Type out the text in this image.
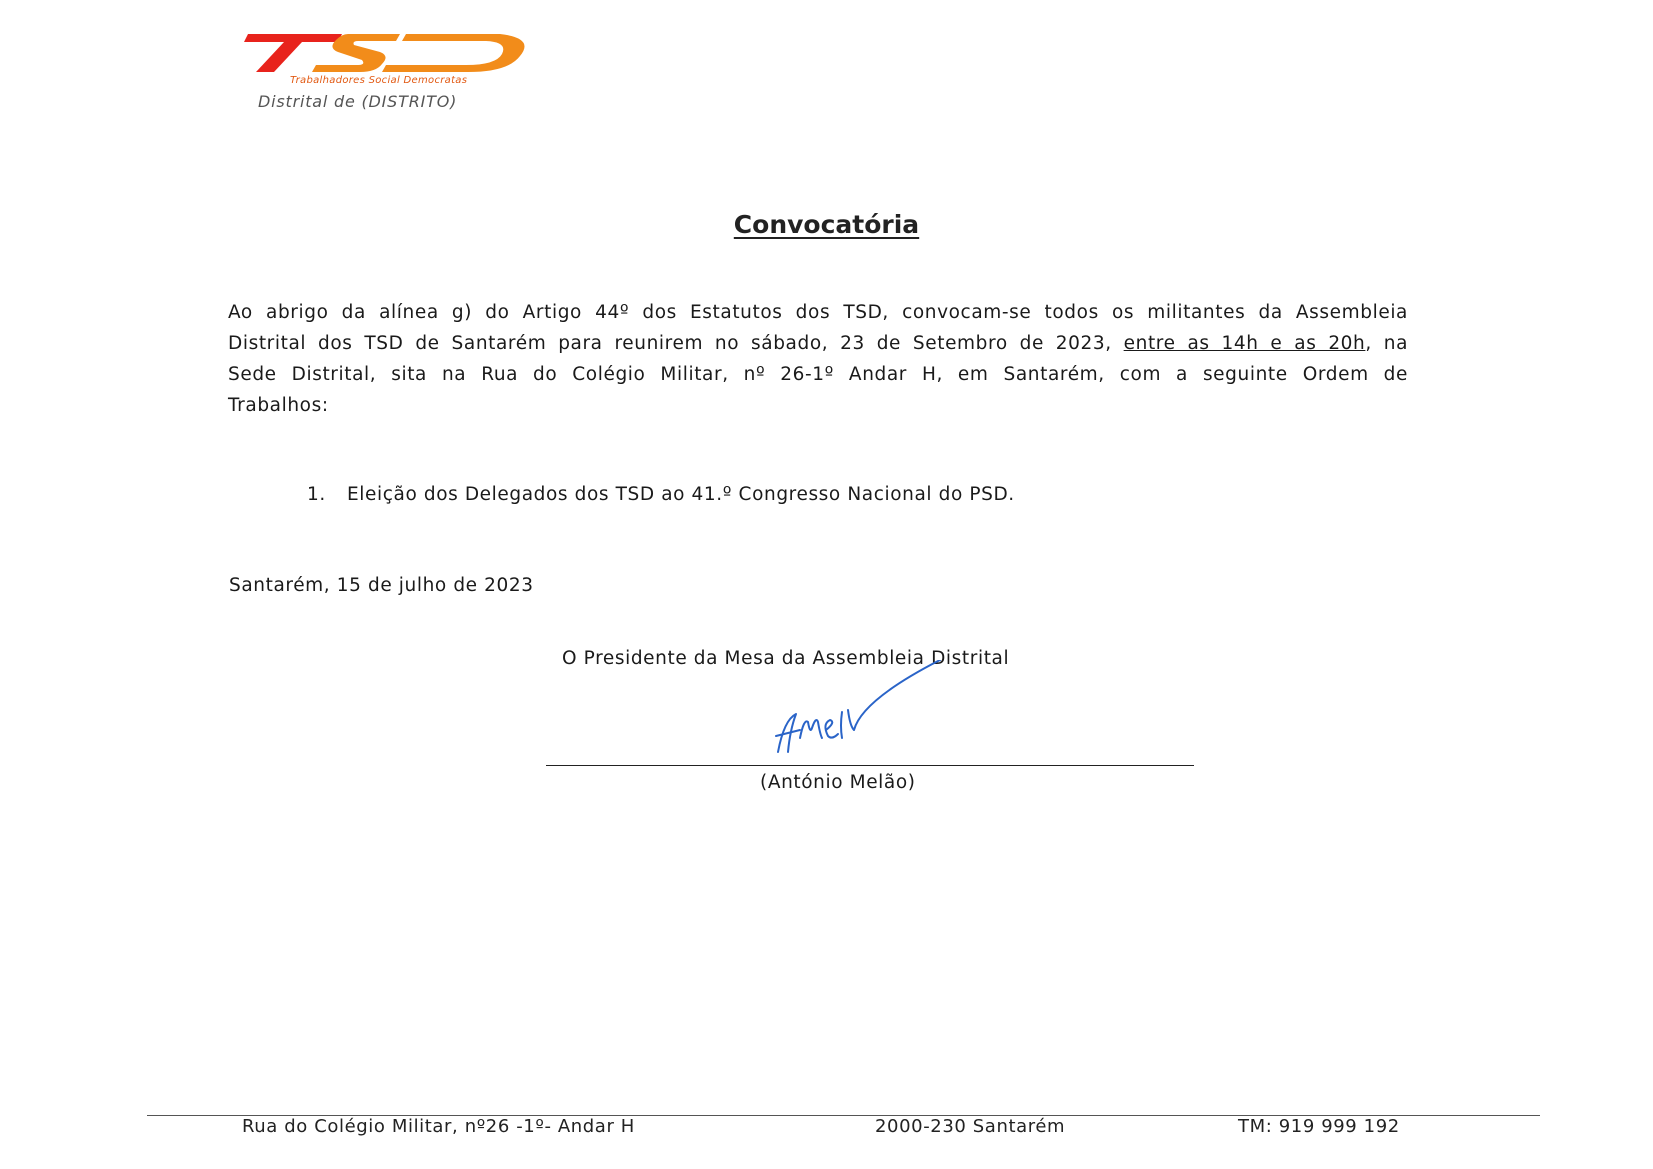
Trabalhadores Social Democratas
Distrital de (DISTRITO)
Convocatória
Ao abrigo da alínea g) do Artigo 44º dos Estatutos dos TSD, convocam-se todos os militantes da Assembleia Distrital dos TSD de Santarém para reunirem no sábado, 23 de Setembro de 2023, entre as 14h e as 20h, na Sede Distrital, sita na Rua do Colégio Militar, nº 26-1º Andar H, em Santarém, com a seguinte Ordem de Trabalhos:
1. Eleição dos Delegados dos TSD ao 41.º Congresso Nacional do PSD.
Santarém, 15 de julho de 2023
O Presidente da Mesa da Assembleia Distrital
(António Melão)
Rua do Colégio Militar, nº26 -1º- Andar H	2000-230 Santarém	TM: 919 999 192
